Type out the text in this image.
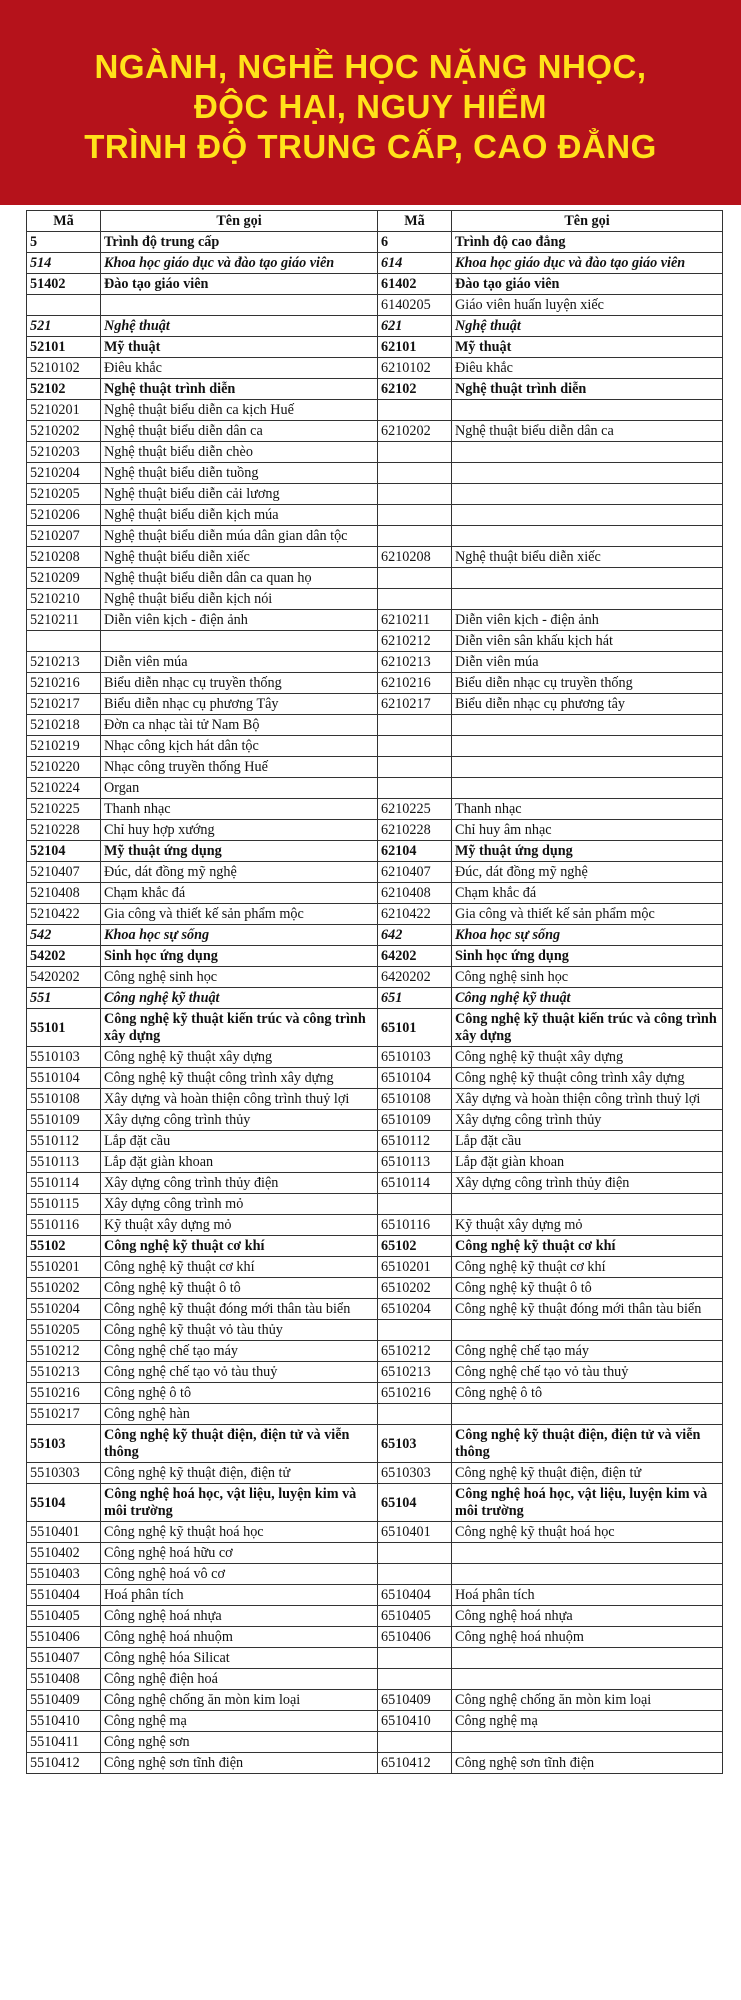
NGÀNH, NGHỀ HỌC NẶNG NHỌC,
ĐỘC HẠI, NGUY HIỂM
TRÌNH ĐỘ TRUNG CẤP, CAO ĐẲNG
Mã	Tên gọi	Mã	Tên gọi
5	Trình độ trung cấp	6	Trình độ cao đẳng
514	Khoa học giáo dục và đào tạo giáo viên	614	Khoa học giáo dục và đào tạo giáo viên
51402	Đào tạo giáo viên	61402	Đào tạo giáo viên
		6140205	Giáo viên huấn luyện xiếc
521	Nghệ thuật	621	Nghệ thuật
52101	Mỹ thuật	62101	Mỹ thuật
5210102	Điêu khắc	6210102	Điêu khắc
52102	Nghệ thuật trình diễn	62102	Nghệ thuật trình diễn
5210201	Nghệ thuật biểu diễn ca kịch Huế		
5210202	Nghệ thuật biểu diễn dân ca	6210202	Nghệ thuật biểu diễn dân ca
5210203	Nghệ thuật biểu diễn chèo		
5210204	Nghệ thuật biểu diễn tuồng		
5210205	Nghệ thuật biểu diễn cải lương		
5210206	Nghệ thuật biểu diễn kịch múa		
5210207	Nghệ thuật biểu diễn múa dân gian dân tộc		
5210208	Nghệ thuật biểu diễn xiếc	6210208	Nghệ thuật biểu diễn xiếc
5210209	Nghệ thuật biểu diễn dân ca quan họ		
5210210	Nghệ thuật biểu diễn kịch nói		
5210211	Diễn viên kịch - điện ảnh	6210211	Diễn viên kịch - điện ảnh
		6210212	Diễn viên sân khấu kịch hát
5210213	Diễn viên múa	6210213	Diễn viên múa
5210216	Biểu diễn nhạc cụ truyền thống	6210216	Biểu diễn nhạc cụ truyền thống
5210217	Biểu diễn nhạc cụ phương Tây	6210217	Biểu diễn nhạc cụ phương tây
5210218	Đờn ca nhạc tài tử Nam Bộ		
5210219	Nhạc công kịch hát dân tộc		
5210220	Nhạc công truyền thống Huế		
5210224	Organ		
5210225	Thanh nhạc	6210225	Thanh nhạc
5210228	Chỉ huy hợp xướng	6210228	Chỉ huy âm nhạc
52104	Mỹ thuật ứng dụng	62104	Mỹ thuật ứng dụng
5210407	Đúc, dát đồng mỹ nghệ	6210407	Đúc, dát đồng mỹ nghệ
5210408	Chạm khắc đá	6210408	Chạm khắc đá
5210422	Gia công và thiết kế sản phẩm mộc	6210422	Gia công và thiết kế sản phẩm mộc
542	Khoa học sự sống	642	Khoa học sự sống
54202	Sinh học ứng dụng	64202	Sinh học ứng dụng
5420202	Công nghệ sinh học	6420202	Công nghệ sinh học
551	Công nghệ kỹ thuật	651	Công nghệ kỹ thuật
55101	Công nghệ kỹ thuật kiến trúc và công trình xây dựng	65101	Công nghệ kỹ thuật kiến trúc và công trình xây dựng
5510103	Công nghệ kỹ thuật xây dựng	6510103	Công nghệ kỹ thuật xây dựng
5510104	Công nghệ kỹ thuật công trình xây dựng	6510104	Công nghệ kỹ thuật công trình xây dựng
5510108	Xây dựng và hoàn thiện công trình thuỷ lợi	6510108	Xây dựng và hoàn thiện công trình thuỷ lợi
5510109	Xây dựng công trình thủy	6510109	Xây dựng công trình thủy
5510112	Lắp đặt cầu	6510112	Lắp đặt cầu
5510113	Lắp đặt giàn khoan	6510113	Lắp đặt giàn khoan
5510114	Xây dựng công trình thủy điện	6510114	Xây dựng công trình thủy điện
5510115	Xây dựng công trình mỏ		
5510116	Kỹ thuật xây dựng mỏ	6510116	Kỹ thuật xây dựng mỏ
55102	Công nghệ kỹ thuật cơ khí	65102	Công nghệ kỹ thuật cơ khí
5510201	Công nghệ kỹ thuật cơ khí	6510201	Công nghệ kỹ thuật cơ khí
5510202	Công nghệ kỹ thuật ô tô	6510202	Công nghệ kỹ thuật ô tô
5510204	Công nghệ kỹ thuật đóng mới thân tàu biển	6510204	Công nghệ kỹ thuật đóng mới thân tàu biển
5510205	Công nghệ kỹ thuật vỏ tàu thủy		
5510212	Công nghệ chế tạo máy	6510212	Công nghệ chế tạo máy
5510213	Công nghệ chế tạo vỏ tàu thuỷ	6510213	Công nghệ chế tạo vỏ tàu thuỷ
5510216	Công nghệ ô tô	6510216	Công nghệ ô tô
5510217	Công nghệ hàn		
55103	Công nghệ kỹ thuật điện, điện tử và viễn thông	65103	Công nghệ kỹ thuật điện, điện tử và viễn thông
5510303	Công nghệ kỹ thuật điện, điện tử	6510303	Công nghệ kỹ thuật điện, điện tử
55104	Công nghệ hoá học, vật liệu, luyện kim và môi trường	65104	Công nghệ hoá học, vật liệu, luyện kim và môi trường
5510401	Công nghệ kỹ thuật hoá học	6510401	Công nghệ kỹ thuật hoá học
5510402	Công nghệ hoá hữu cơ		
5510403	Công nghệ hoá vô cơ		
5510404	Hoá phân tích	6510404	Hoá phân tích
5510405	Công nghệ hoá nhựa	6510405	Công nghệ hoá nhựa
5510406	Công nghệ hoá nhuộm	6510406	Công nghệ hoá nhuộm
5510407	Công nghệ hóa Silicat		
5510408	Công nghệ điện hoá		
5510409	Công nghệ chống ăn mòn kim loại	6510409	Công nghệ chống ăn mòn kim loại
5510410	Công nghệ mạ	6510410	Công nghệ mạ
5510411	Công nghệ sơn		
5510412	Công nghệ sơn tĩnh điện	6510412	Công nghệ sơn tĩnh điện
